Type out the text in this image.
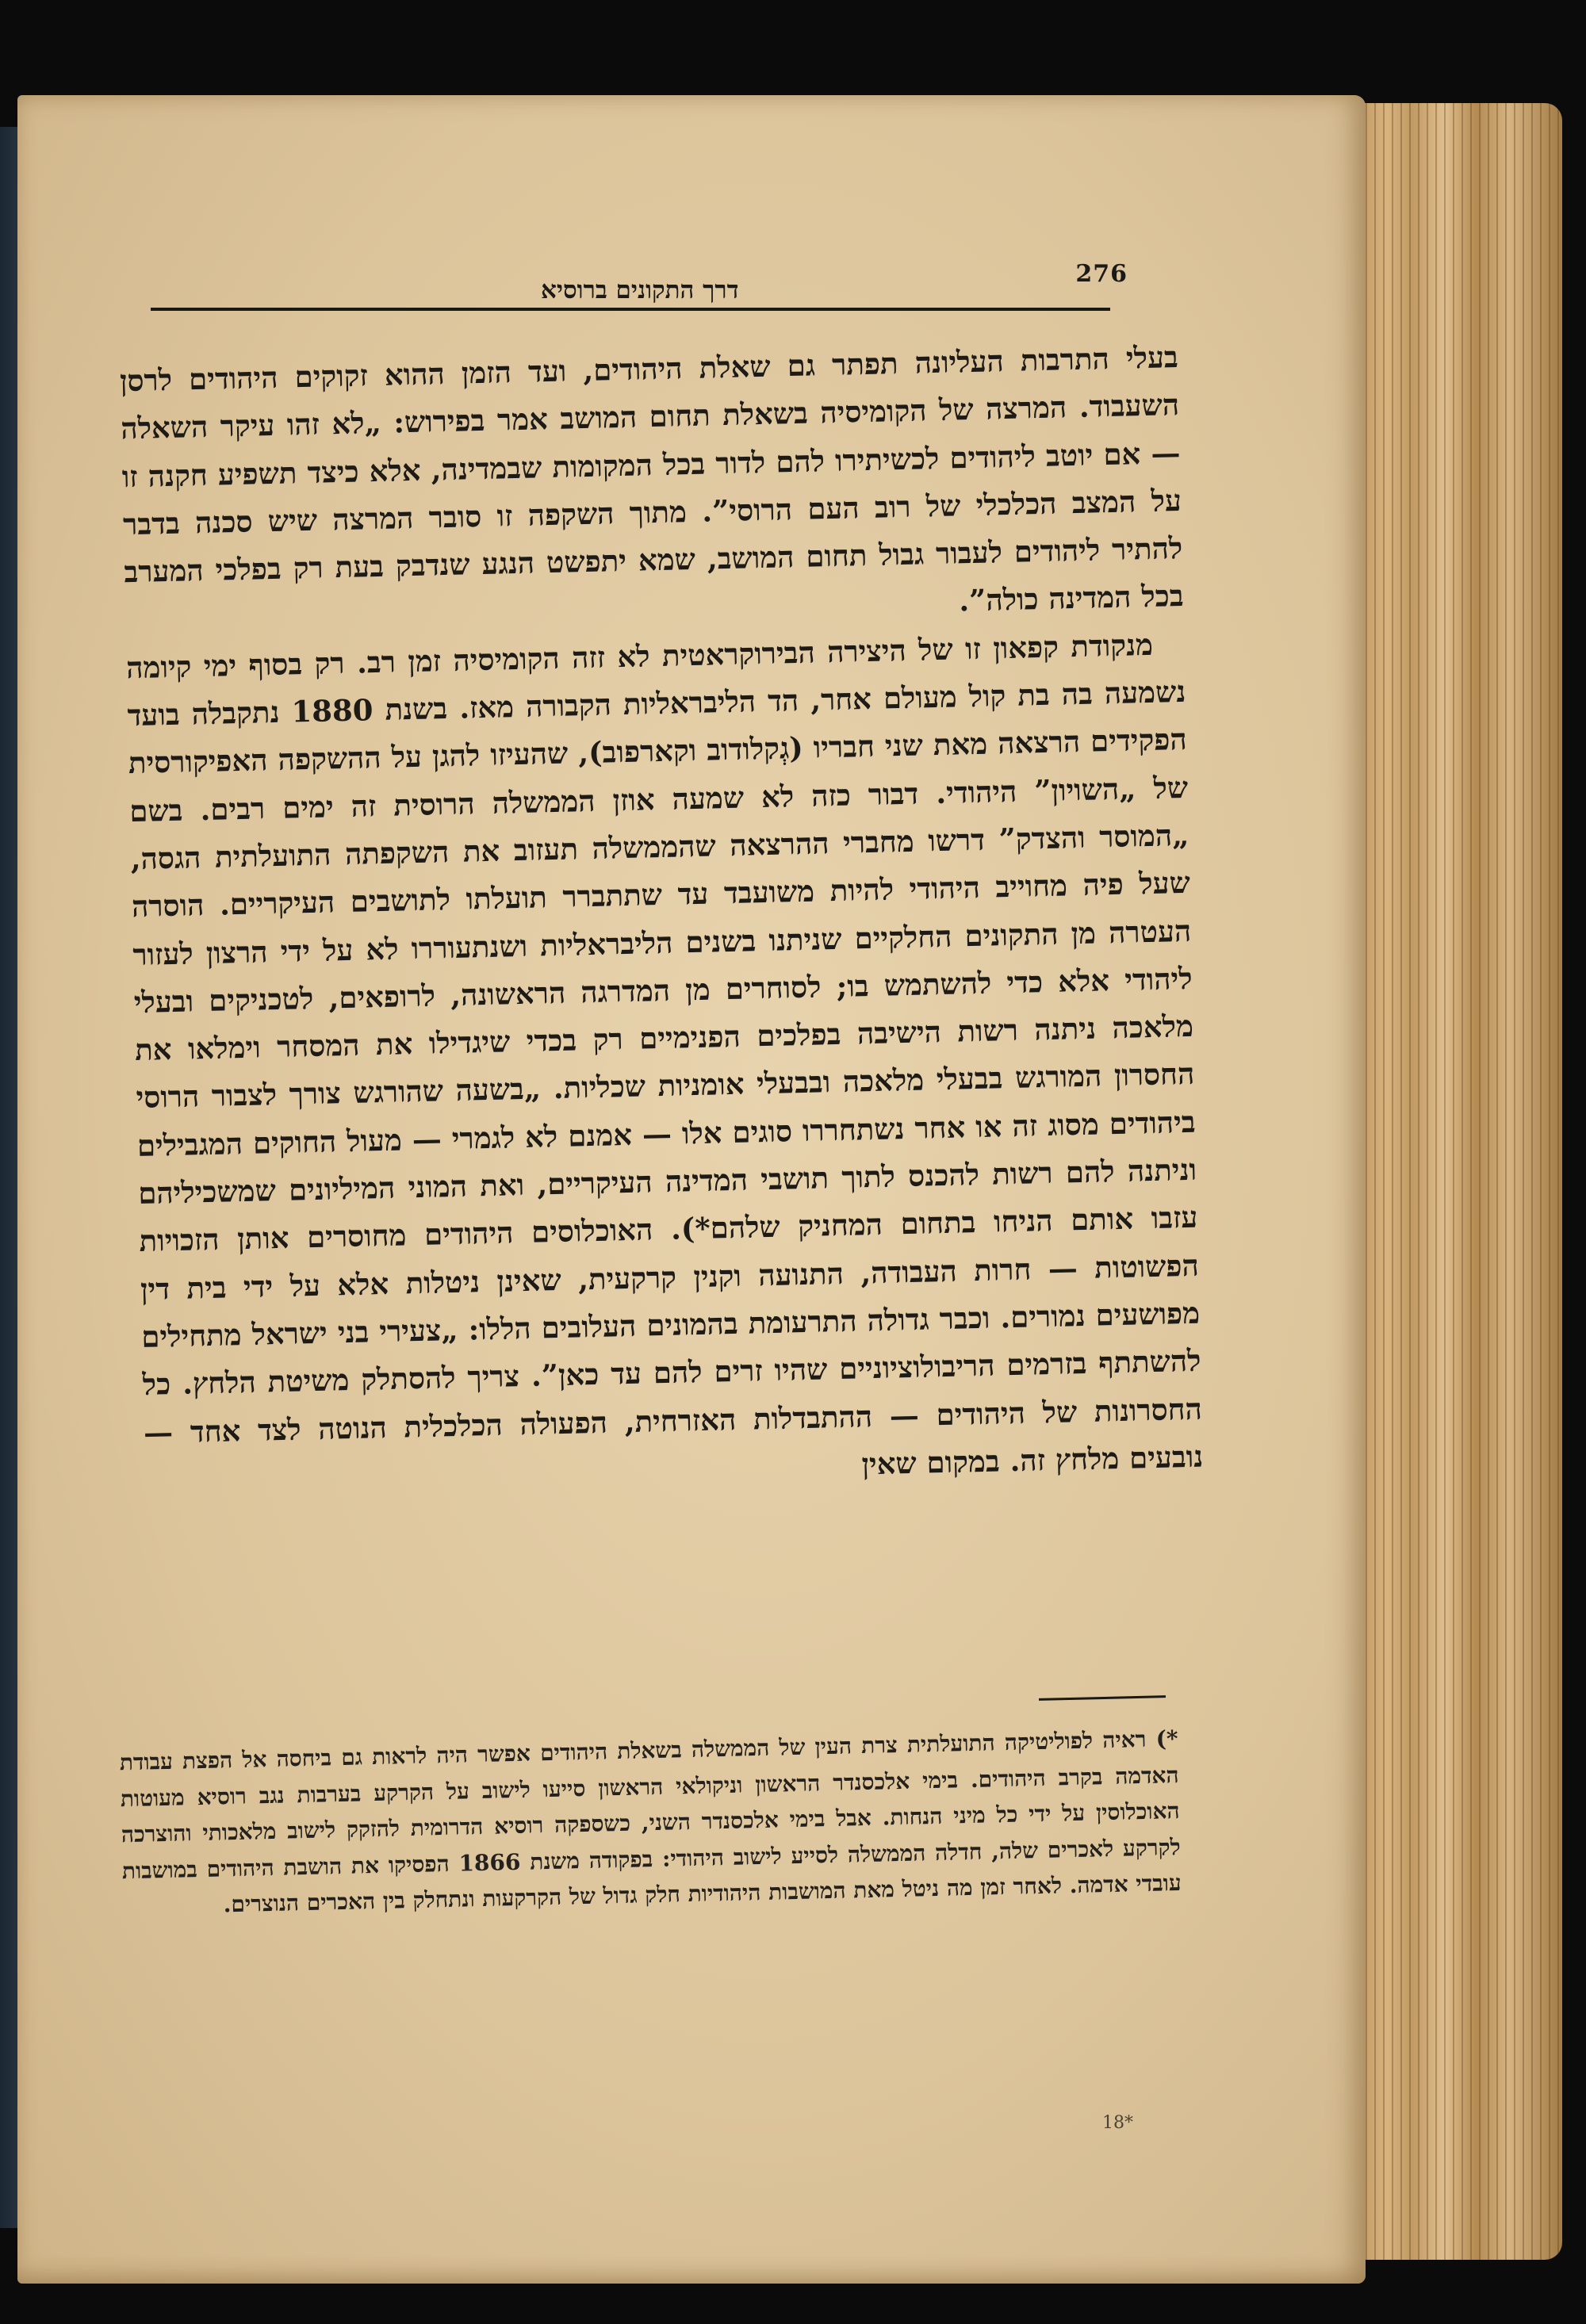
276
דרך התקונים ברוסיא

בעלי התרבות העליונה תפתר גם שאלת היהודים, ועד הזמן ההוא זקוקים היהודים לרסן השעבוד. המרצה של הקומיסיה בשאלת תחום המושב אמר בפירוש: „לא זהו עיקר השאלה — אם יוטב ליהודים לכשיתירו להם לדור בכל המקומות שבמדינה, אלא כיצד תשפיע חקנה זו על המצב הכלכלי של רוב העם הרוסי”. מתוך השקפה זו סובר המרצה שיש סכנה בדבר להתיר ליהודים לעבור גבול תחום המושב, שמא יתפשט הנגע שנדבק בעת רק בפלכי המערב בכל המדינה כולה”.

מנקודת קפאון זו של היצירה הבירוקראטית לא זזה הקומיסיה זמן רב. רק בסוף ימי קיומה נשמעה בה בת קול מעולם אחר, הד הליבראליות הקבורה מאז. בשנת 1880 נתקבלה בועד הפקידים הרצאה מאת שני חבריו (גְקלודוב וקארפוב), שהעיזו להגן על ההשקפה האפיקורסית של „השויון” היהודי. דבור כזה לא שמעה אוזן הממשלה הרוסית זה ימים רבים. בשם „המוסר והצדק” דרשו מחברי ההרצאה שהממשלה תעזוב את השקפתה התועלתית הגסה, שעל פיה מחוייב היהודי להיות משועבד עד שתתברר תועלתו לתושבים העיקריים. הוסרה העטרה מן התקונים החלקיים שניתנו בשנים הליבראליות ושנתעוררו לא על ידי הרצון לעזור ליהודי אלא כדי להשתמש בו; לסוחרים מן המדרגה הראשונה, לרופאים, לטכניקים ובעלי מלאכה ניתנה רשות הישיבה בפלכים הפנימיים רק בכדי שיגדילו את המסחר וימלאו את החסרון המורגש בבעלי מלאכה ובבעלי אומניות שכליות. „בשעה שהורגש צורך לצבור הרוסי ביהודים מסוג זה או אחר נשתחררו סוגים אלו — אמנם לא לגמרי — מעול החוקים המגבילים וניתנה להם רשות להכנס לתוך תושבי המדינה העיקריים, ואת המוני המיליונים שמשכיליהם עזבו אותם הניחו בתחום המחניק שלהם*). האוכלוסים היהודים מחוסרים אותן הזכויות הפשוטות — חרות העבודה, התנועה וקנין קרקעית, שאינן ניטלות אלא על ידי בית דין מפושעים נמורים. וכבר גדולה התרעומת בהמונים העלובים הללו: „צעירי בני ישראל מתחילים להשתתף בזרמים הריבולוציוניים שהיו זרים להם עד כאן”. צריך להסתלק משיטת הלחץ. כל החסרונות של היהודים — ההתבדלות האזרחית, הפעולה הכלכלית הנוטה לצד אחד — נובעים מלחץ זה. במקום שאין

*) ראיה לפוליטיקה התועלתית צרת העין של הממשלה בשאלת היהודים אפשר היה לראות גם ביחסה אל הפצת עבודת האדמה בקרב היהודים. בימי אלכסנדר הראשון וניקולאי הראשון סייעו לישוב על הקרקע בערבות נגב רוסיא מעוטות האוכלוסין על ידי כל מיני הנחות. אבל בימי אלכסנדר השני, כשספקה רוסיא הדרומית להזקק לישוב מלאכותי והוצרכה לקרקע לאכרים שלה, חדלה הממשלה לסייע לישוב היהודי: בפקודה משנת 1866 הפסיקו את הושבת היהודים במושבות עובדי אדמה. לאחר זמן מה ניטל מאת המושבות היהודיות חלק גדול של הקרקעות ונתחלק בין האכרים הנוצרים.

18*
